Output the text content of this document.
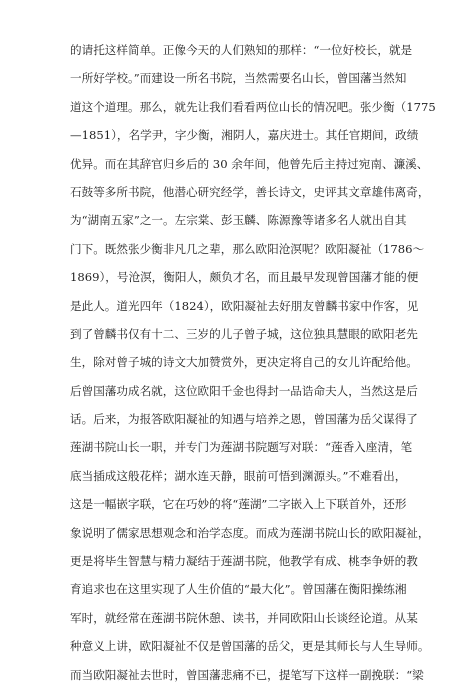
的请托这样简单。正像今天的人们熟知的那样：“一位好校长，就是
一所好学校。”而建设一所名书院，当然需要名山长，曾国藩当然知
道这个道理。那么，就先让我们看看两位山长的情况吧。张少衡（1775
—1851），名学尹，字少衡，湘阴人，嘉庆进士。其任官期间，政绩
优异。而在其辞官归乡后的 30 余年间，他曾先后主持过宛南、濂溪、
石鼓等多所书院，他潜心研究经学，善长诗文，史评其文章雄伟离奇，
为“湖南五家”之一。左宗棠、彭玉麟、陈源豫等诸多名人就出自其
门下。既然张少衡非凡几之辈，那么欧阳沧溟呢？欧阳凝祉（1786～
1869），号沧溟，衡阳人，颇负才名，而且最早发现曾国藩才能的便
是此人。道光四年（1824），欧阳凝祉去好朋友曾麟书家中作客，见
到了曾麟书仅有十二、三岁的儿子曾子城，这位独具慧眼的欧阳老先
生，除对曾子城的诗文大加赞赏外，更决定将自己的女儿许配给他。
后曾国藩功成名就，这位欧阳千金也得封一品诰命夫人，当然这是后
话。后来，为报答欧阳凝祉的知遇与培养之恩，曾国藩为岳父谋得了
莲湖书院山长一职，并专门为莲湖书院题写对联：“莲香入座清，笔
底当插成这般花样；湖水连天静，眼前可悟到渊源头。”不难看出，
这是一幅嵌字联，它在巧妙的将“莲湖”二字嵌入上下联首外，还形
象说明了儒家思想观念和治学态度。而成为莲湖书院山长的欧阳凝祉，
更是将毕生智慧与精力凝结于莲湖书院，他教学有成、桃李争妍的教
育追求也在这里实现了人生价值的“最大化”。曾国藩在衡阳操练湘
军时，就经常在莲湖书院休憩、读书，并同欧阳山长谈经论道。从某
种意义上讲，欧阳凝祉不仅是曾国藩的岳父，更是其师长与人生导师。
而当欧阳凝祉去世时，曾国藩悲痛不已，提笔写下这样一副挽联：“梁
